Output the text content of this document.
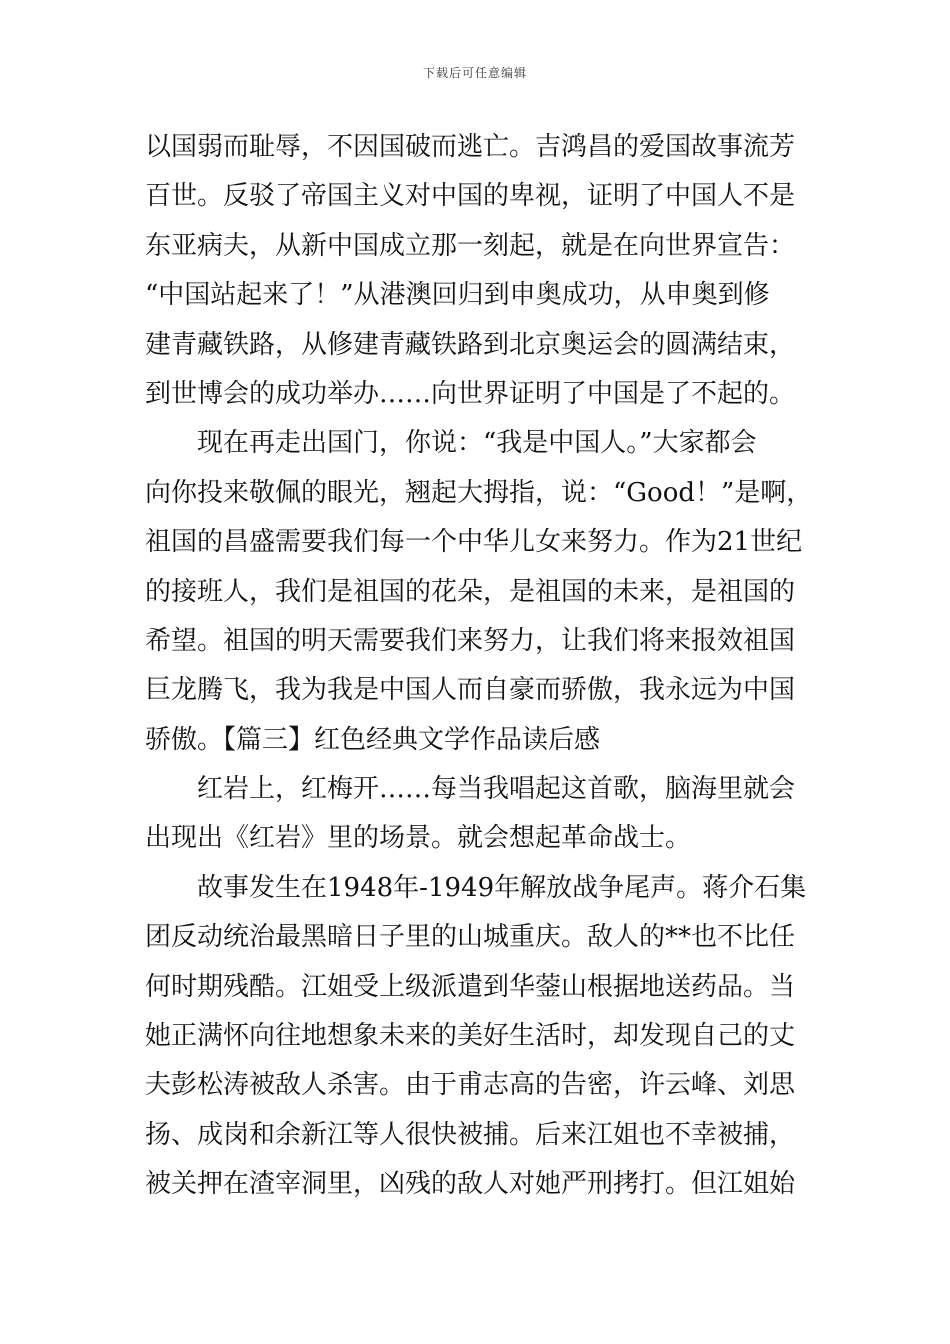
下载后可任意编辑
以国弱而耻辱，不因国破而逃亡。吉鸿昌的爱国故事流芳
百世。反驳了帝国主义对中国的卑视，证明了中国人不是
东亚病夫，从新中国成立那一刻起，就是在向世界宣告：
“中国站起来了！”从港澳回归到申奥成功，从申奥到修
建青藏铁路，从修建青藏铁路到北京奥运会的圆满结束，
到世博会的成功举办……向世界证明了中国是了不起的。
　　现在再走出国门，你说：“我是中国人。”大家都会
向你投来敬佩的眼光，翘起大拇指，说：“Good！”是啊，
祖国的昌盛需要我们每一个中华儿女来努力。作为21世纪
的接班人，我们是祖国的花朵，是祖国的未来，是祖国的
希望。祖国的明天需要我们来努力，让我们将来报效祖国
巨龙腾飞，我为我是中国人而自豪而骄傲，我永远为中国
骄傲。【篇三】红色经典文学作品读后感
　　红岩上，红梅开……每当我唱起这首歌，脑海里就会
出现出《红岩》里的场景。就会想起革命战士。
　　故事发生在1948年-1949年解放战争尾声。蒋介石集
团反动统治最黑暗日子里的山城重庆。敌人的**也不比任
何时期残酷。江姐受上级派遣到华蓥山根据地送药品。当
她正满怀向往地想象未来的美好生活时，却发现自己的丈
夫彭松涛被敌人杀害。由于甫志高的告密，许云峰、刘思
扬、成岗和余新江等人很快被捕。后来江姐也不幸被捕，
被关押在渣宰洞里，凶残的敌人对她严刑拷打。但江姐始
